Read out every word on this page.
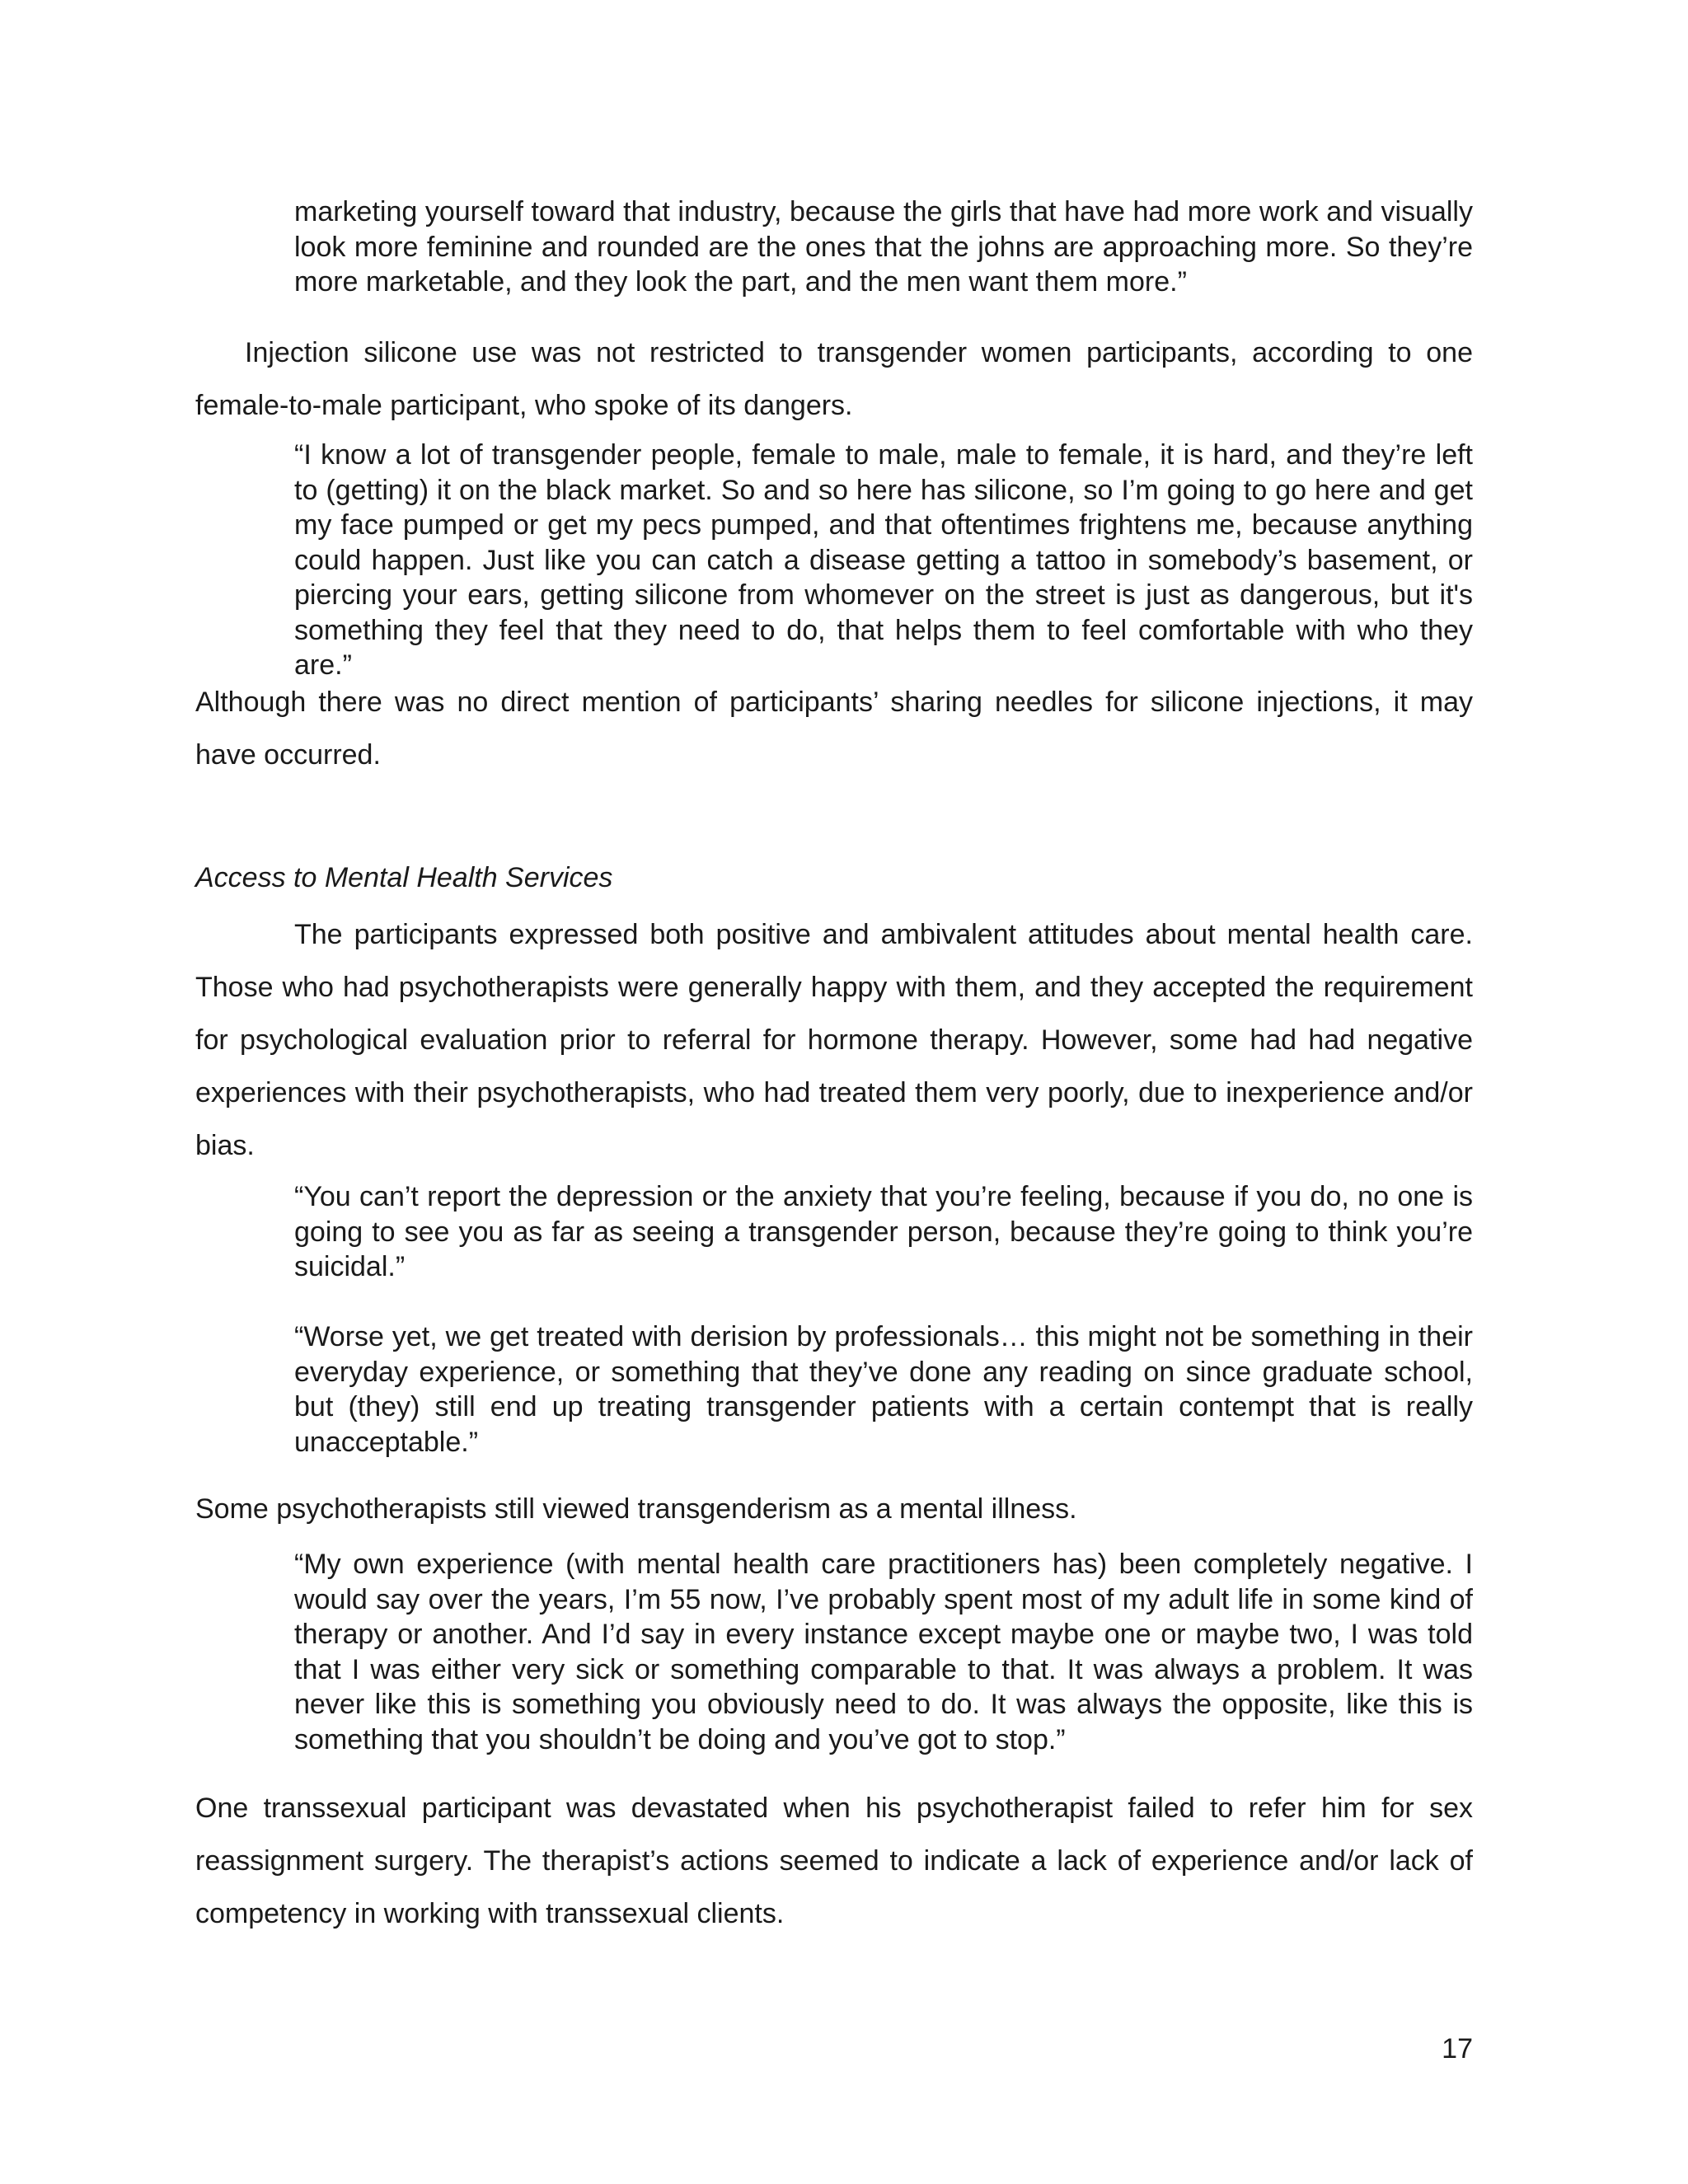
marketing yourself toward that industry, because the girls that have had more work and visually look more feminine and rounded are the ones that the johns are approaching more. So they’re more marketable, and they look the part, and the men want them more.”

Injection silicone use was not restricted to transgender women participants, according to one female-to-male participant, who spoke of its dangers.

“I know a lot of transgender people, female to male, male to female, it is hard, and they’re left to (getting) it on the black market. So and so here has silicone, so I’m going to go here and get my face pumped or get my pecs pumped, and that oftentimes frightens me, because anything could happen. Just like you can catch a disease getting a tattoo in somebody’s basement, or piercing your ears, getting silicone from whomever on the street is just as dangerous, but it's something they feel that they need to do, that helps them to feel comfortable with who they are.”

Although there was no direct mention of participants’ sharing needles for silicone injections, it may have occurred.

Access to Mental Health Services

The participants expressed both positive and ambivalent attitudes about mental health care. Those who had psychotherapists were generally happy with them, and they accepted the requirement for psychological evaluation prior to referral for hormone therapy. However, some had had negative experiences with their psychotherapists, who had treated them very poorly, due to inexperience and/or bias.

“You can’t report the depression or the anxiety that you’re feeling, because if you do, no one is going to see you as far as seeing a transgender person, because they’re going to think you’re suicidal.”

“Worse yet, we get treated with derision by professionals… this might not be something in their everyday experience, or something that they’ve done any reading on since graduate school, but (they) still end up treating transgender patients with a certain contempt that is really unacceptable.”

Some psychotherapists still viewed transgenderism as a mental illness.

“My own experience (with mental health care practitioners has) been completely negative. I would say over the years, I’m 55 now, I’ve probably spent most of my adult life in some kind of therapy or another. And I’d say in every instance except maybe one or maybe two, I was told that I was either very sick or something comparable to that. It was always a problem. It was never like this is something you obviously need to do. It was always the opposite, like this is something that you shouldn’t be doing and you’ve got to stop.”

One transsexual participant was devastated when his psychotherapist failed to refer him for sex reassignment surgery. The therapist’s actions seemed to indicate a lack of experience and/or lack of competency in working with transsexual clients.

17
